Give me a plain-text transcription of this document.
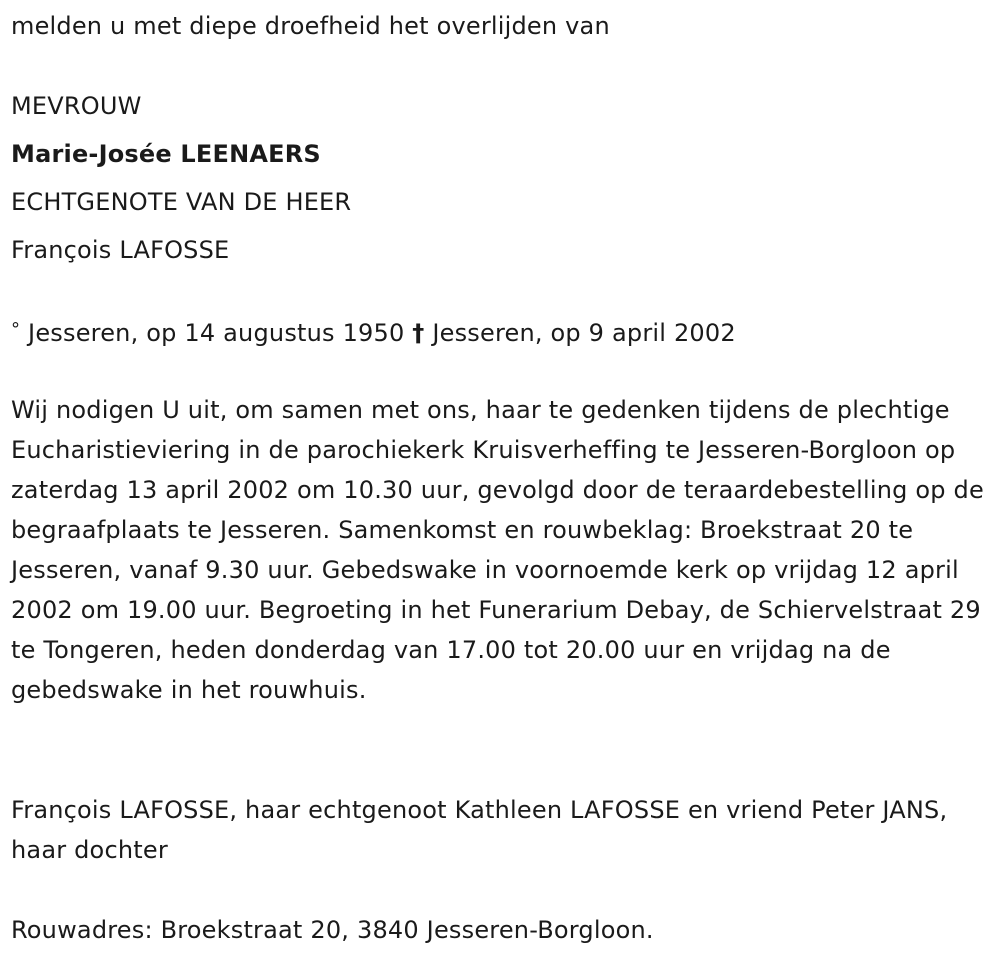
melden u met diepe droefheid het overlijden van
MEVROUW
Marie-Josée LEENAERS
ECHTGENOTE VAN DE HEER
François LAFOSSE
° Jesseren, op 14 augustus 1950 † Jesseren, op 9 april 2002
Wij nodigen U uit, om samen met ons, haar te gedenken tijdens de plechtige Eucharistieviering in de parochiekerk Kruisverheffing te Jesseren-Borgloon op zaterdag 13 april 2002 om 10.30 uur, gevolgd door de teraardebestelling op de begraafplaats te Jesseren. Samenkomst en rouwbeklag: Broekstraat 20 te Jesseren, vanaf 9.30 uur. Gebedswake in voornoemde kerk op vrijdag 12 april 2002 om 19.00 uur. Begroeting in het Funerarium Debay, de Schiervelstraat 29 te Tongeren, heden donderdag van 17.00 tot 20.00 uur en vrijdag na de gebedswake in het rouwhuis.
François LAFOSSE, haar echtgenoot Kathleen LAFOSSE en vriend Peter JANS, haar dochter
Rouwadres: Broekstraat 20, 3840 Jesseren-Borgloon.
